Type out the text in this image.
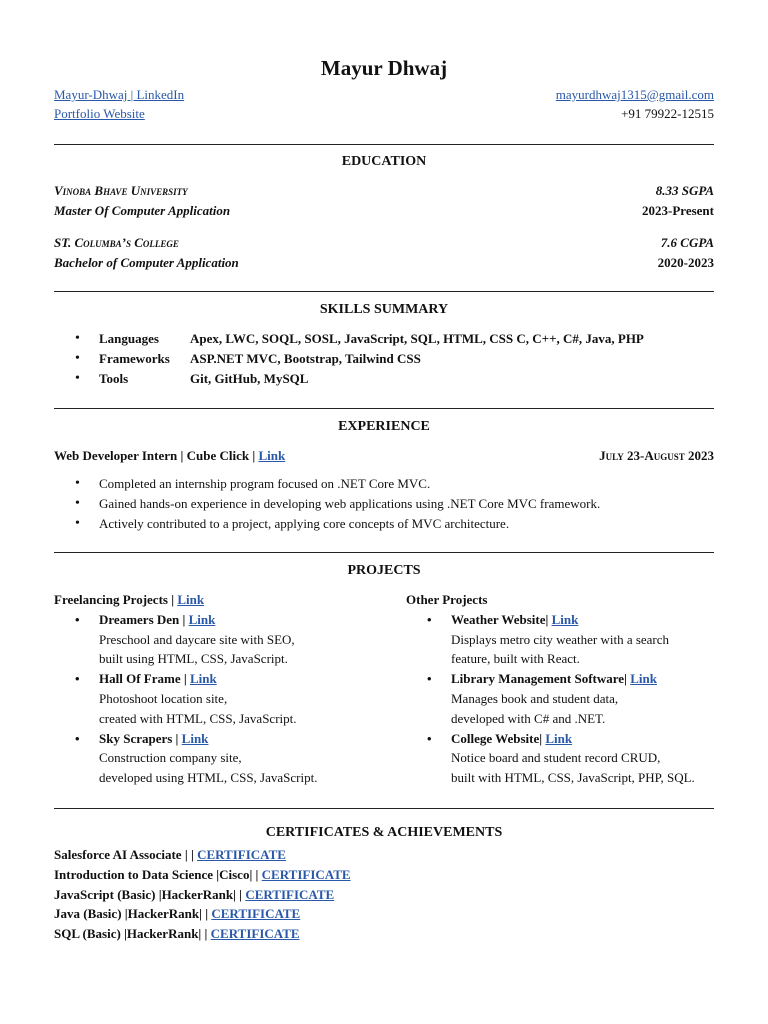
Mayur Dhwaj
Mayur-Dhwaj | LinkedIn	mayurdhwaj1315@gmail.com
Portfolio Website	+91 79922-12515
EDUCATION
Vinoba Bhave University	8.33 SGPA
Master Of Computer Application	2023-Present
ST. Columba’s College	7.6 CGPA
Bachelor of Computer Application	2020-2023
SKILLS SUMMARY
• Languages Apex, LWC, SOQL, SOSL, JavaScript, SQL, HTML, CSS C, C++, C#, Java, PHP
• Frameworks ASP.NET MVC, Bootstrap, Tailwind CSS
• Tools	Git, GitHub, MySQL
EXPERIENCE
Web Developer Intern | Cube Click | Link	July 23-August 2023
• Completed an internship program focused on .NET Core MVC.
• Gained hands-on experience in developing web applications using .NET Core MVC framework.
• Actively contributed to a project, applying core concepts of MVC architecture.
PROJECTS
Freelancing Projects | Link
• Dreamers Den | Link
Preschool and daycare site with SEO,
built using HTML, CSS, JavaScript.
• Hall Of Frame | Link
Photoshoot location site,
created with HTML, CSS, JavaScript.
• Sky Scrapers | Link
Construction company site,
developed using HTML, CSS, JavaScript.
Other Projects
• Weather Website| Link
Displays metro city weather with a search
feature, built with React.
• Library Management Software| Link
Manages book and student data,
developed with C# and .NET.
• College Website| Link
Notice board and student record CRUD,
built with HTML, CSS, JavaScript, PHP, SQL.
CERTIFICATES & ACHIEVEMENTS
Salesforce AI Associate | | CERTIFICATE
Introduction to Data Science |Cisco| | CERTIFICATE
JavaScript (Basic) |HackerRank| | CERTIFICATE
Java (Basic) |HackerRank| | CERTIFICATE
SQL (Basic) |HackerRank| | CERTIFICATE
